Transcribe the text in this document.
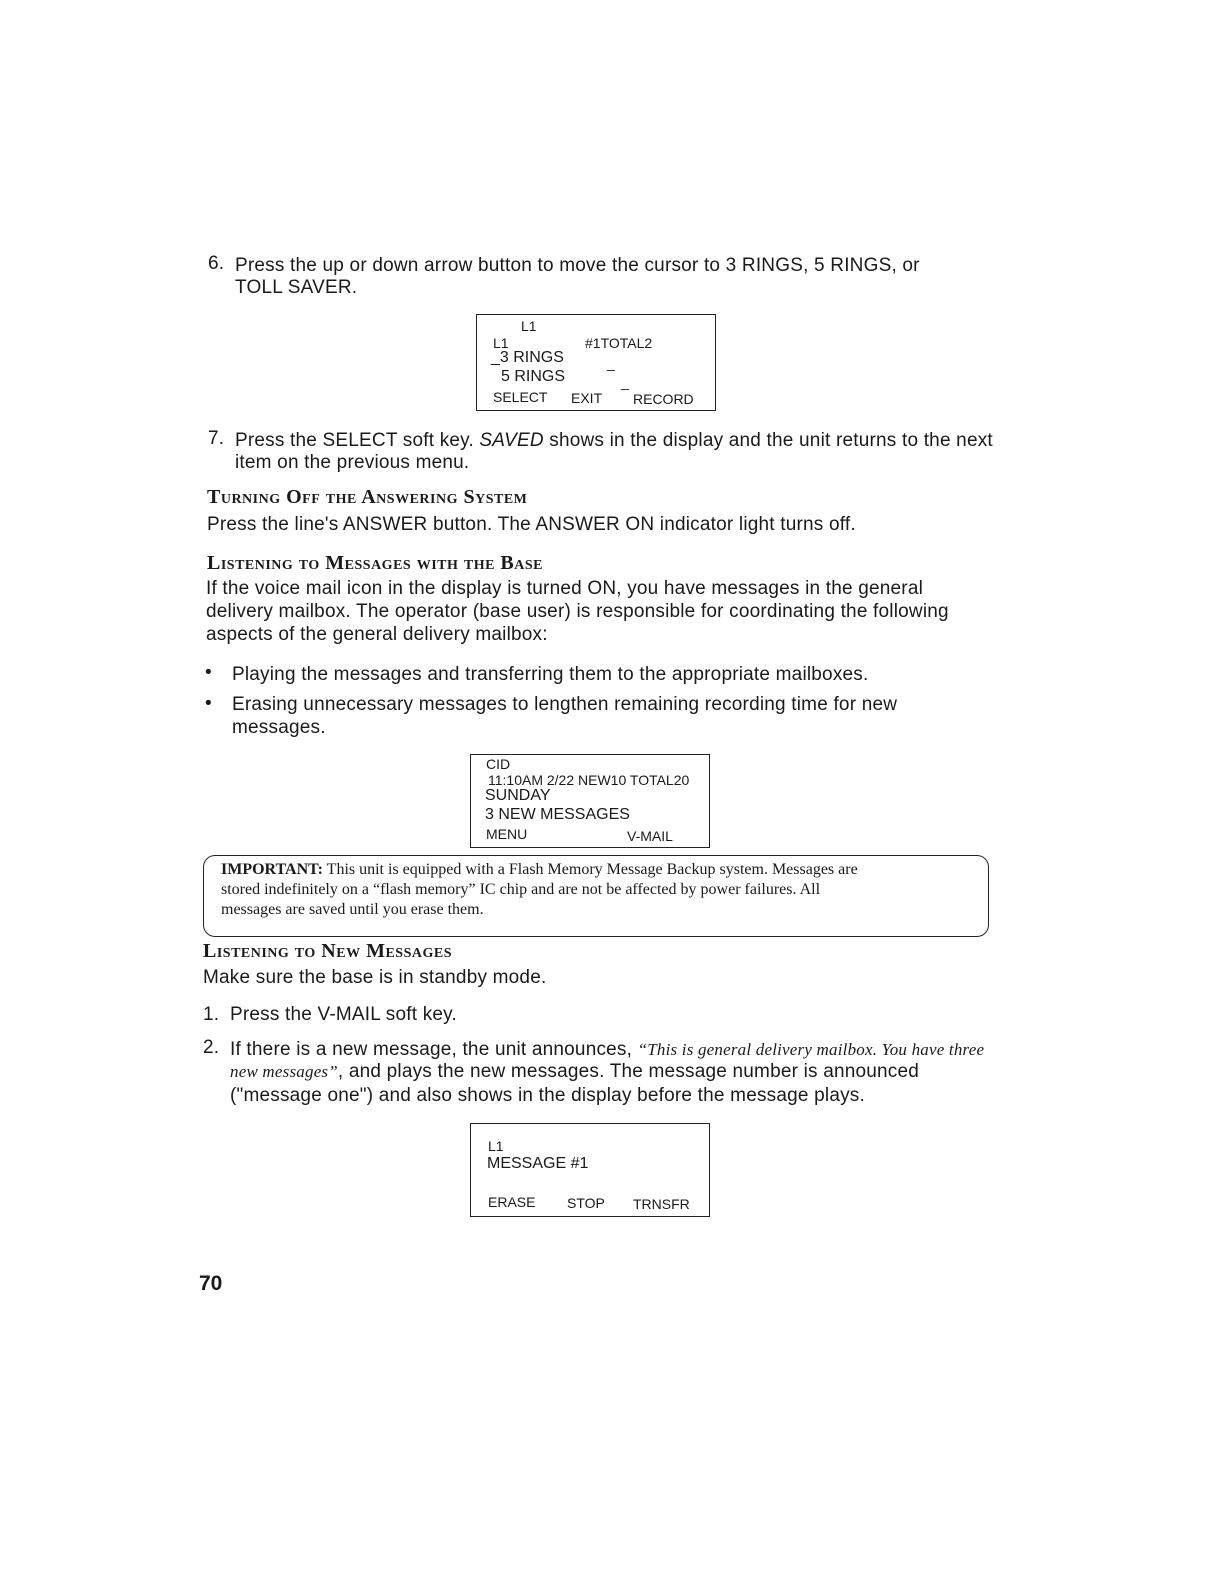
6. Press the up or down arrow button to move the cursor to 3 RINGS, 5 RINGS, or
TOLL SAVER.
L1
L1	#1TOTAL2
_3 RINGS	_
5 RINGS	_
SELECT EXIT RECORD
7. Press the SELECT soft key. SAVED shows in the display and the unit returns to the next
item on the previous menu.
Turning Off the Answering System
Press the line's ANSWER button. The ANSWER ON indicator light turns off.
Listening to Messages with the Base
If the voice mail icon in the display is turned ON, you have messages in the general
delivery mailbox. The operator (base user) is responsible for coordinating the following
aspects of the general delivery mailbox:
• Playing the messages and transferring them to the appropriate mailboxes.
• Erasing unnecessary messages to lengthen remaining recording time for new
messages.
CID
11:10AM 2/22 NEW10 TOTAL20
SUNDAY
3 NEW MESSAGES
MENU	V-MAIL
IMPORTANT: This unit is equipped with a Flash Memory Message Backup system. Messages are
stored indefinitely on a “flash memory” IC chip and are not be affected by power failures. All
messages are saved until you erase them.
Listening to New Messages
Make sure the base is in standby mode.
1. Press the V-MAIL soft key.
2. If there is a new message, the unit announces, “This is general delivery mailbox. You have three
new messages”, and plays the new messages. The message number is announced
("message one") and also shows in the display before the message plays.
L1
MESSAGE #1
ERASE STOP TRNSFR
70
